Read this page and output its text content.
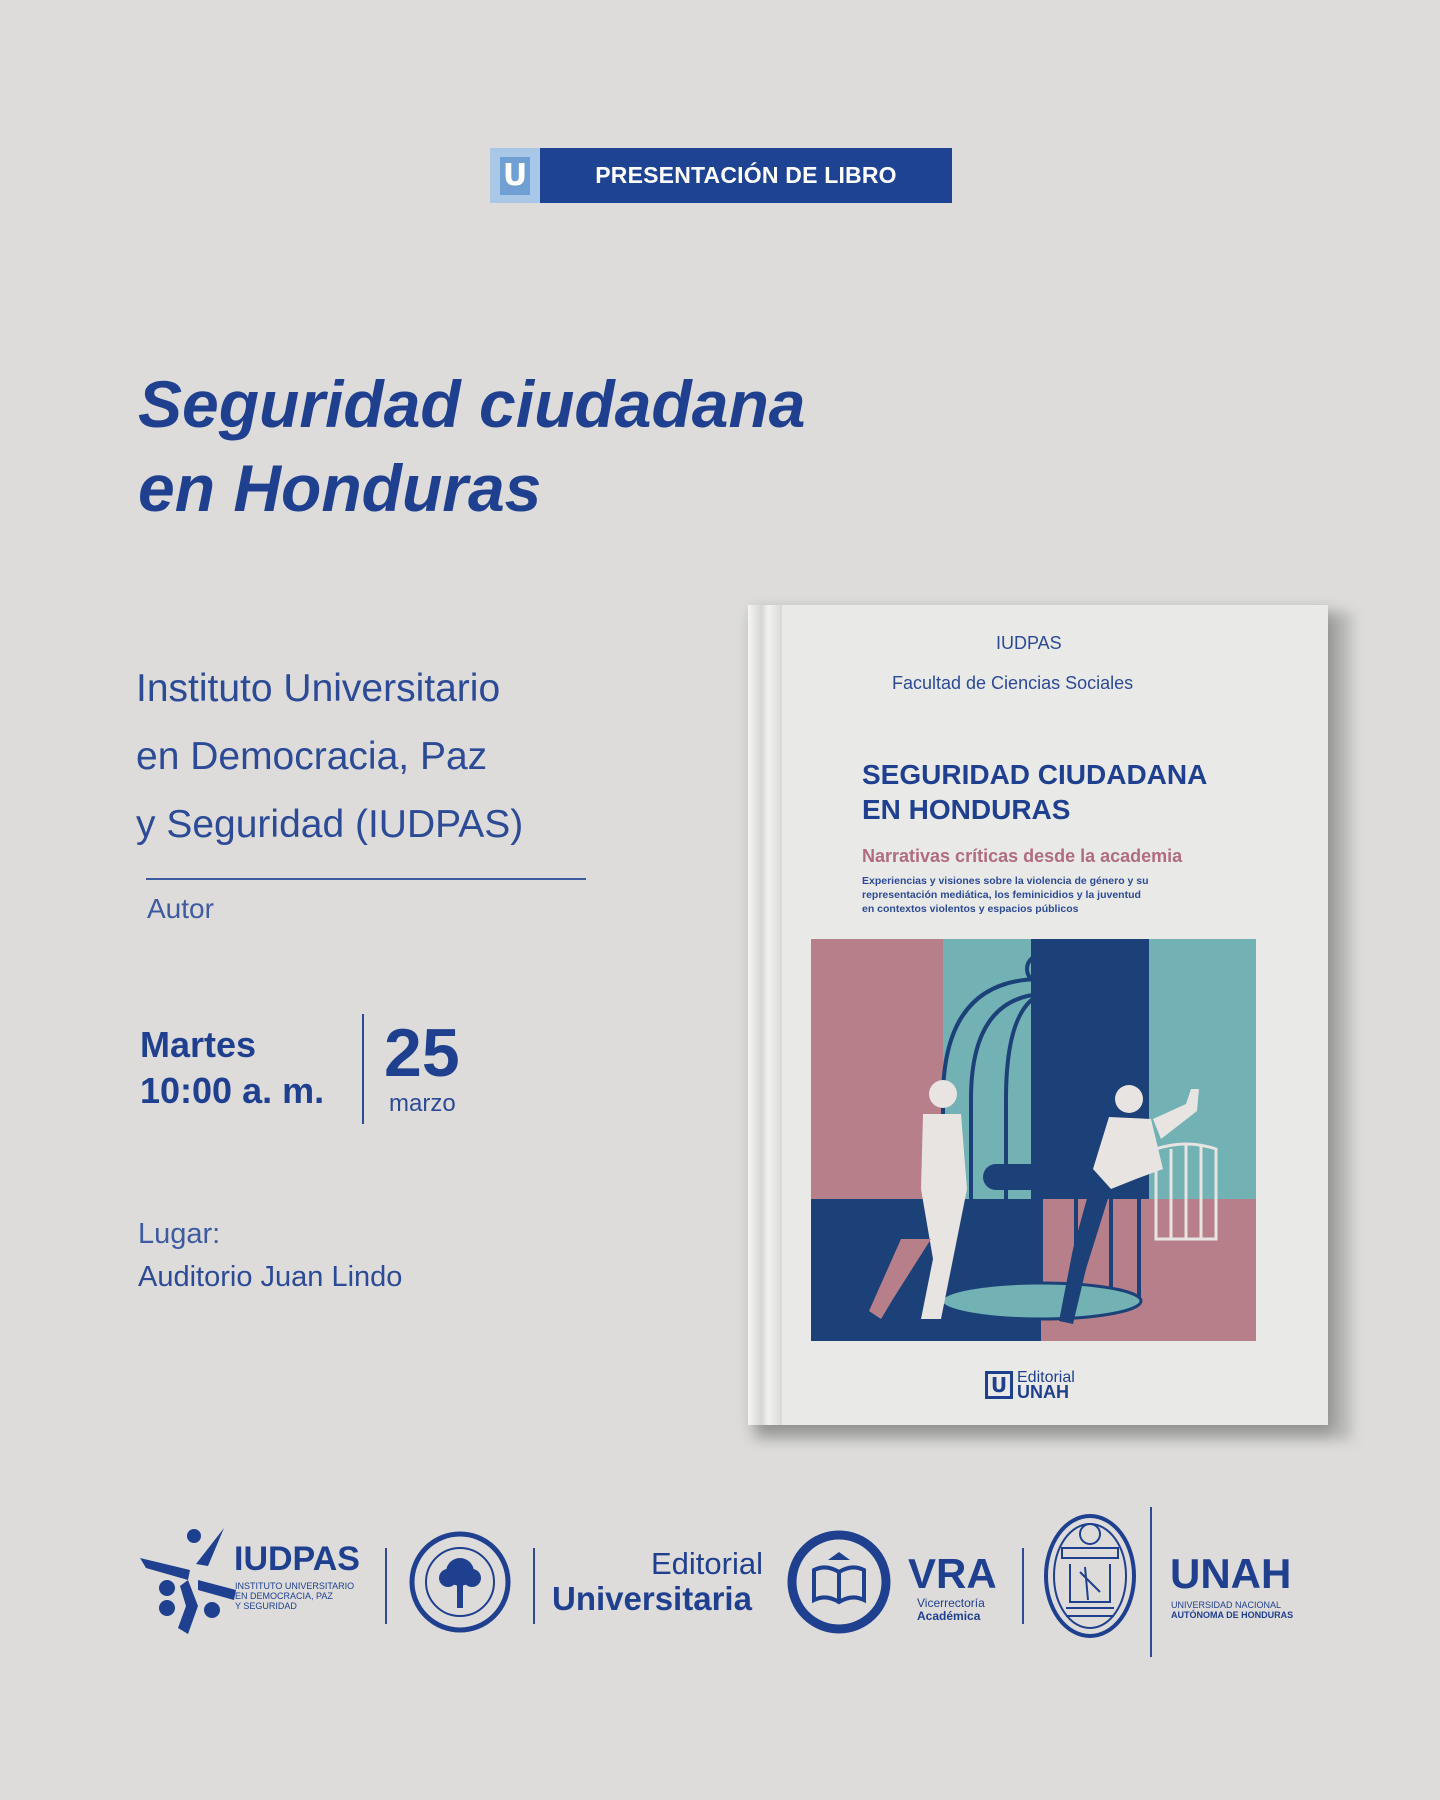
U	PRESENTACIÓN DE LIBRO
Seguridad ciudadana
en Honduras
Instituto Universitario
en Democracia, Paz
y Seguridad (IUDPAS)
Autor
Martes
10:00 a. m. 25
marzo
Lugar:
Auditorio Juan Lindo
IUDPAS
Facultad de Ciencias Sociales
SEGURIDAD CIUDADANA
EN HONDURAS
Narrativas críticas desde la academia
Experiencias y visiones sobre la violencia de género y su
representación mediática, los feminicidios y la juventud
en contextos violentos y espacios públicos
U Editorial
UNAH
IUDPAS
INSTITUTO UNIVERSITARIO
EN DEMOCRACIA, PAZ
Y SEGURIDAD
Editorial
Universitaria
VRA
Vicerrectoría
Académica
UNAH
UNIVERSIDAD NACIONAL
AUTÓNOMA DE HONDURAS
